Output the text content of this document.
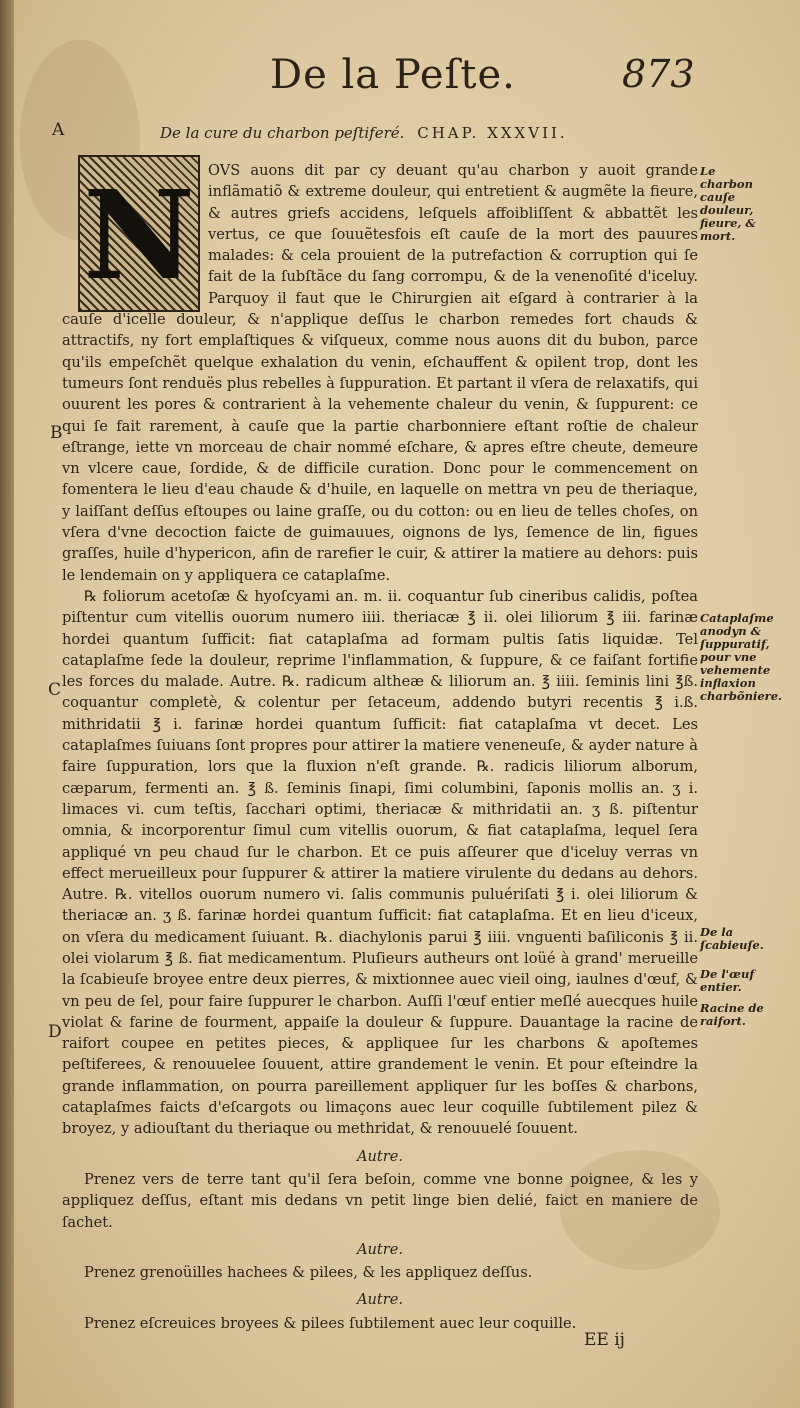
De la Peſte.	873
De la cure du charbon peſtiferé. CHAP. XXXVII.
A
B
C
D
N OVS auons dit par cy deuant qu'au charbon y auoit grande inflãmatiõ & extreme douleur, qui entretient & augmẽte la fieure, & autres griefs accidens, leſquels affoibliſſent & abbattẽt les vertus, ce que ſouuẽtesfois eſt cauſe de la mort des pauures malades: & cela prouient de la putrefaction & corruption qui ſe fait de la ſubſtãce du ſang corrompu, & de la venenoſité d'iceluy. Parquoy il faut que le Chirurgien ait eſgard à contrarier à la cauſe d'icelle douleur, & n'applique deſſus le charbon remedes fort chauds & attractifs, ny fort emplaſtiques & viſqueux, comme nous auons dit du bubon, parce qu'ils empeſchẽt quelque exhalation du venin, eſchauffent & opilent trop, dont les tumeurs ſont renduës plus rebelles à ſuppuration. Et partant il vſera de relaxatifs, qui ouurent les pores & contrarient à la vehemente chaleur du venin, & ſuppurent: ce qui ſe fait rarement, à cauſe que la partie charbonniere eſtant roſtie de chaleur eſtrange, iette vn morceau de chair nommé eſchare, & apres eſtre cheute, demeure vn vlcere caue, ſordide, & de difficile curation. Donc pour le commencement on fomentera le lieu d'eau chaude & d'huile, en laquelle on mettra vn peu de theriaque, y laiſſant deſſus eſtoupes ou laine graſſe, ou du cotton: ou en lieu de telles choſes, on vſera d'vne decoction faicte de guimauues, oignons de lys, ſemence de lin, figues graſſes, huile d'hypericon, afin de rarefier le cuir, & attirer la matiere au dehors: puis le lendemain on y appliquera ce cataplaſme.

℞ foliorum acetoſæ & hyoſcyami an. m. ii. coquantur ſub cineribus calidis, poſtea piſtentur cum vitellis ouorum numero iiii. theriacæ ℥ ii. olei liliorum ℥ iii. farinæ hordei quantum ſufficit: fiat cataplaſma ad formam pultis ſatis liquidæ. Tel cataplaſme ſede la douleur, reprime l'inflammation, & ſuppure, & ce faiſant fortifie les forces du malade. Autre. ℞. radicum altheæ & liliorum an. ℥ iiii. ſeminis lini ℥ß. coquantur completè, & colentur per ſetaceum, addendo butyri recentis ℥ i.ß. mithridatii ℥ i. farinæ hordei quantum ſufficit: fiat cataplaſma vt decet. Les cataplaſmes ſuiuans ſont propres pour attirer la matiere veneneuſe, & ayder nature à faire ſuppuration, lors que la fluxion n'eſt grande. ℞. radicis liliorum alborum, cæparum, fermenti an. ℥ ß. ſeminis ſinapi, ſimi columbini, ſaponis mollis an. ʒ i. limaces vi. cum teſtis, ſacchari optimi, theriacæ & mithridatii an. ʒ ß. piſtentur omnia, & incorporentur ſimul cum vitellis ouorum, & fiat cataplaſma, lequel ſera appliqué vn peu chaud ſur le charbon. Et ce puis aſſeurer que d'iceluy verras vn effect merueilleux pour ſuppurer & attirer la matiere virulente du dedans au dehors. Autre. ℞. vitellos ouorum numero vi. ſalis communis puluériſati ℥ i. olei liliorum & theriacæ an. ʒ ß. farinæ hordei quantum ſufficit: fiat cataplaſma. Et en lieu d'iceux, on vſera du medicament ſuiuant. ℞. diachylonis parui ℥ iiii. vnguenti baſiliconis ℥ ii. olei violarum ℥ ß. fiat medicamentum. Pluſieurs autheurs ont loüé à grand' merueille la ſcabieuſe broyee entre deux pierres, & mixtionnee auec vieil oing, iaulnes d'œuf, & vn peu de ſel, pour faire ſuppurer le charbon. Auſſi l'œuf entier meſlé auecques huile violat & farine de fourment, appaiſe la douleur & ſuppure. Dauantage la racine de raifort coupee en petites pieces, & appliquee ſur les charbons & apoſtemes peſtiferees, & renouuelee ſouuent, attire grandement le venin. Et pour eſteindre la grande inflammation, on pourra pareillement appliquer ſur les boſſes & charbons, cataplaſmes faicts d'eſcargots ou limaçons auec leur coquille ſubtilement pilez & broyez, y adiouſtant du theriaque ou methridat, & renouuelé ſouuent.

Autre.

Prenez vers de terre tant qu'il ſera beſoin, comme vne bonne poignee, & les y appliquez deſſus, eſtant mis dedans vn petit linge bien delié, faict en maniere de ſachet.

Autre.

Prenez grenoüilles hachees & pilees, & les appliquez deſſus.

Autre.

Prenez eſcreuices broyees & pilees ſubtilement auec leur coquille.

Le charbon cauſe douleur, fieure, & mort.
Cataplaſme anodyn & ſuppuratif, pour vne vehemente inflaxion charbõniere.
De la ſcabieuſe.
De l'œuf entier.
Racine de raifort.
EE ij
